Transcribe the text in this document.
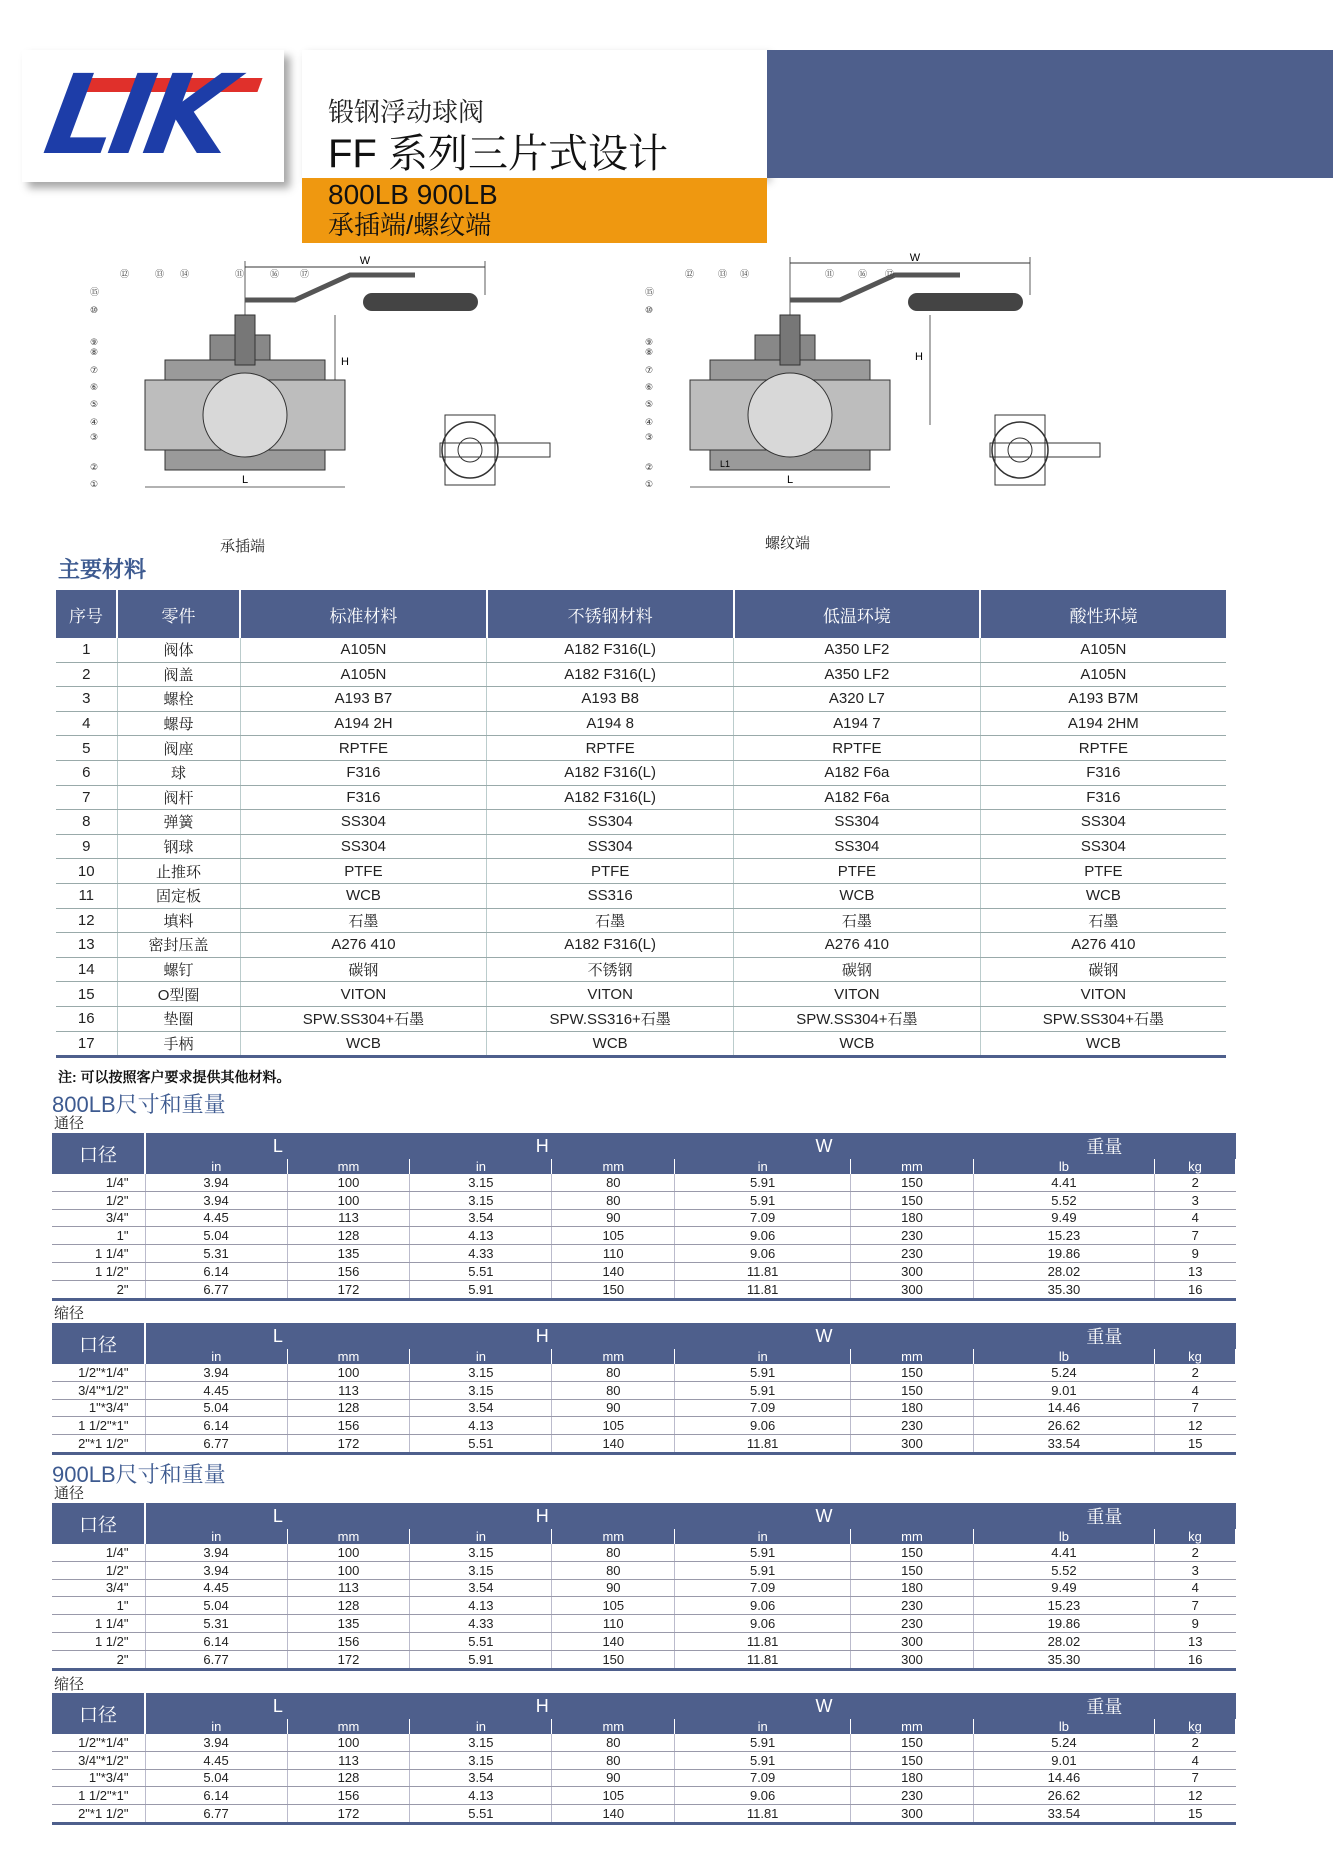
LIK	锻钢浮动球阀
FF 系列三片式设计
800LB 900LB
承插端/螺纹端
W
H
L
⑫	⑬ ⑭	⑪	⑯ ⑰
⑮
⑩
⑨
⑧
⑦
⑥
⑤
④
③
②
①
承插端
W
H
L
L1
⑫	⑬ ⑭	⑪	⑯ ⑰
⑮
⑩
⑨
⑧
⑦
⑥
⑤
④
③
②
①
螺纹端
主要材料
序号	零件	标准材料	不锈钢材料	低温环境	酸性环境
1	阀体	A105N	A182 F316(L)	A350 LF2	A105N
2	阀盖	A105N	A182 F316(L)	A350 LF2	A105N
3	螺栓	A193 B7	A193 B8	A320 L7	A193 B7M
4	螺母	A194 2H	A194 8	A194 7	A194 2HM
5	阀座	RPTFE	RPTFE	RPTFE	RPTFE
6	球	F316	A182 F316(L)	A182 F6a	F316
7	阀杆	F316	A182 F316(L)	A182 F6a	F316
8	弹簧	SS304	SS304	SS304	SS304
9	钢球	SS304	SS304	SS304	SS304
10	止推环	PTFE	PTFE	PTFE	PTFE
11	固定板	WCB	SS316	WCB	WCB
12	填料	石墨	石墨	石墨	石墨
13	密封压盖	A276 410	A182 F316(L)	A276 410	A276 410
14	螺钉	碳钢	不锈钢	碳钢	碳钢
15	O型圈	VITON	VITON	VITON	VITON
16	垫圈	SPW.SS304+石墨	SPW.SS316+石墨	SPW.SS304+石墨	SPW.SS304+石墨
17	手柄	WCB	WCB	WCB	WCB
注: 可以按照客户要求提供其他材料。
800LB尺寸和重量
通径
口径	L		H		W		重量	
	in	mm	in	mm	in	mm	lb	kg
1/4"	3.94	100	3.15	80	5.91	150	4.41	2
1/2"	3.94	100	3.15	80	5.91	150	5.52	3
3/4"	4.45	113	3.54	90	7.09	180	9.49	4
1"	5.04	128	4.13	105	9.06	230	15.23	7
1 1/4"	5.31	135	4.33	110	9.06	230	19.86	9
1 1/2"	6.14	156	5.51	140	11.81	300	28.02	13
2"	6.77	172	5.91	150	11.81	300	35.30	16
缩径
口径	L		H		W		重量	
	in	mm	in	mm	in	mm	lb	kg
1/2"*1/4"	3.94	100	3.15	80	5.91	150	5.24	2
3/4"*1/2"	4.45	113	3.15	80	5.91	150	9.01	4
1"*3/4"	5.04	128	3.54	90	7.09	180	14.46	7
1 1/2"*1"	6.14	156	4.13	105	9.06	230	26.62	12
2"*1 1/2"	6.77	172	5.51	140	11.81	300	33.54	15
900LB尺寸和重量
通径
口径	L		H		W		重量	
	in	mm	in	mm	in	mm	lb	kg
1/4"	3.94	100	3.15	80	5.91	150	4.41	2
1/2"	3.94	100	3.15	80	5.91	150	5.52	3
3/4"	4.45	113	3.54	90	7.09	180	9.49	4
1"	5.04	128	4.13	105	9.06	230	15.23	7
1 1/4"	5.31	135	4.33	110	9.06	230	19.86	9
1 1/2"	6.14	156	5.51	140	11.81	300	28.02	13
2"	6.77	172	5.91	150	11.81	300	35.30	16
缩径
口径	L		H		W		重量	
	in	mm	in	mm	in	mm	lb	kg
1/2"*1/4"	3.94	100	3.15	80	5.91	150	5.24	2
3/4"*1/2"	4.45	113	3.15	80	5.91	150	9.01	4
1"*3/4"	5.04	128	3.54	90	7.09	180	14.46	7
1 1/2"*1"	6.14	156	4.13	105	9.06	230	26.62	12
2"*1 1/2"	6.77	172	5.51	140	11.81	300	33.54	15
